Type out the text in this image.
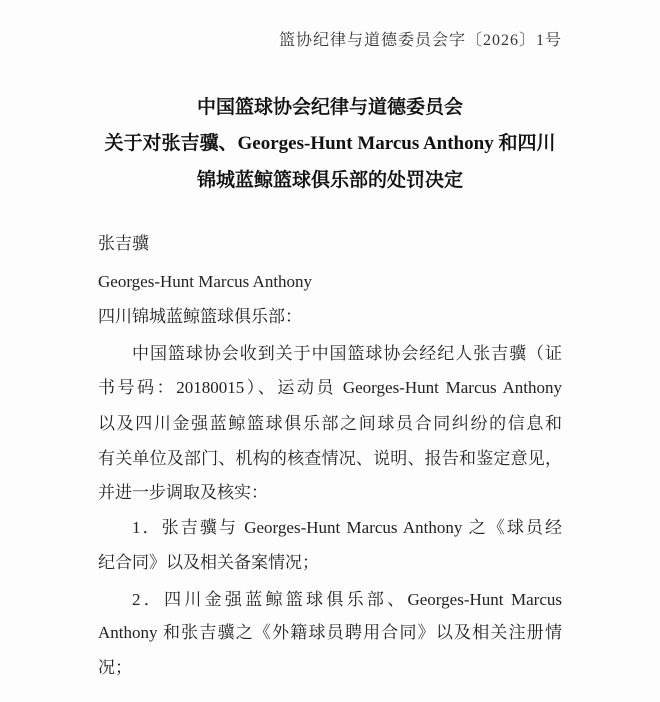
篮协纪律与道德委员会字〔2026〕1号
中国篮球协会纪律与道德委员会
关于对张吉骥、Georges-Hunt Marcus Anthony 和四川
锦城蓝鲸篮球俱乐部的处罚决定
张吉骥
Georges-Hunt Marcus Anthony
四川锦城蓝鲸篮球俱乐部：
中国篮球协会收到关于中国篮球协会经纪人张吉骥（证
书号码：20180015）、运动员 Georges-Hunt Marcus Anthony
以及四川金强蓝鲸篮球俱乐部之间球员合同纠纷的信息和
有关单位及部门、机构的核查情况、说明、报告和鉴定意见，
并进一步调取及核实：
1．张吉骥与 Georges-Hunt Marcus Anthony 之《球员经
纪合同》以及相关备案情况；
2．四川金强蓝鲸篮球俱乐部、Georges-Hunt Marcus
Anthony 和张吉骥之《外籍球员聘用合同》以及相关注册情
况；
